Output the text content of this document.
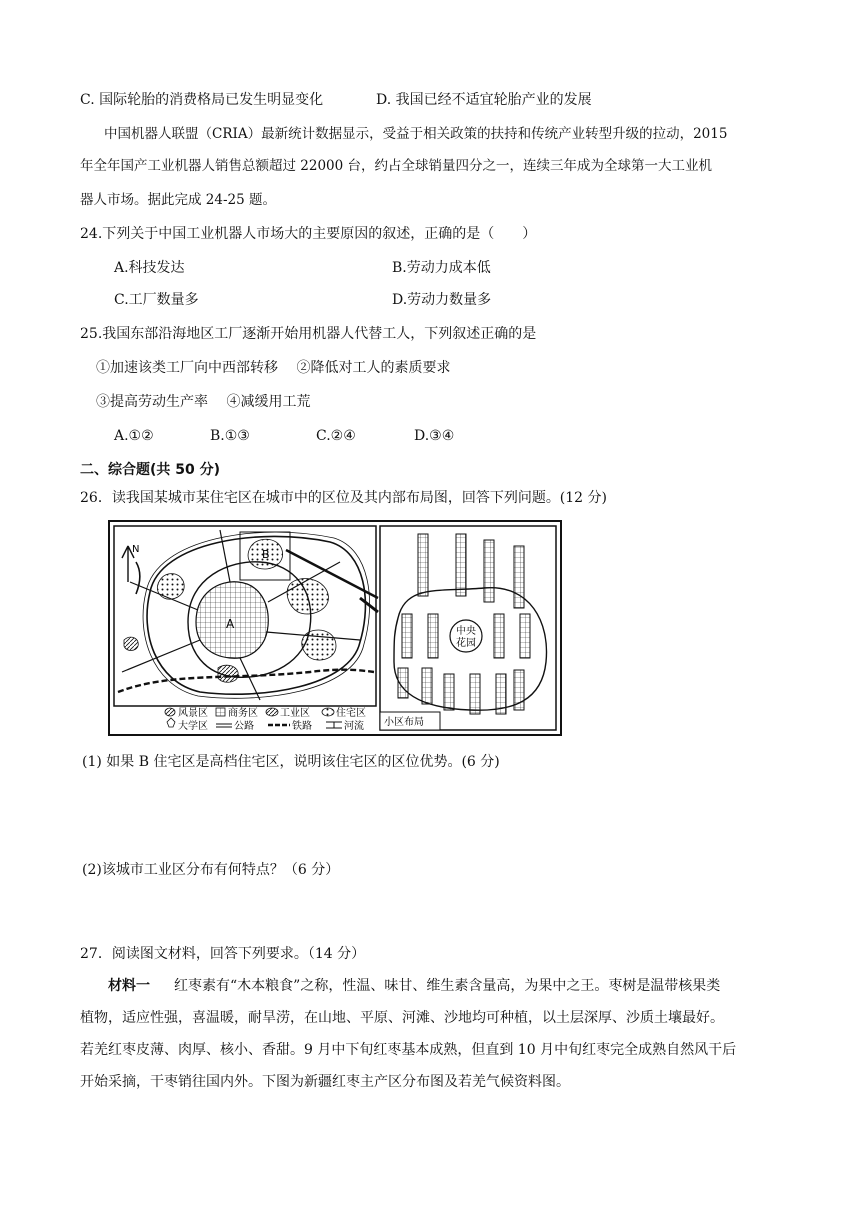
C. 国际轮胎的消费格局已发生明显变化	D. 我国已经不适宜轮胎产业的发展
中国机器人联盟（CRIA）最新统计数据显示，受益于相关政策的扶持和传统产业转型升级的拉动，2015
年全年国产工业机器人销售总额超过 22000 台，约占全球销量四分之一，连续三年成为全球第一大工业机
器人市场。据此完成 24-25 题。
24.下列关于中国工业机器人市场大的主要原因的叙述，正确的是（　　）
A.科技发达	B.劳动力成本低
C.工厂数量多	D.劳动力数量多
25.我国东部沿海地区工厂逐渐开始用机器人代替工人，下列叙述正确的是
①加速该类工厂向中西部转移　 ②降低对工人的素质要求
③提高劳动生产率　 ④减缓用工荒
A.①②	B.①③	C.②④	D.③④
二、综合题(共 50 分)
26．读我国某城市某住宅区在城市中的区位及其内部布局图，回答下列问题。(12 分)
A
B
N
风景区 商务区 工业区	住宅区
大学区	公路	铁路	河流
中央
花园
小区布局
(1) 如果 B 住宅区是高档住宅区，说明该住宅区的区位优势。(6 分)
(2)该城市工业区分布有何特点？（6 分）
27．阅读图文材料，回答下列要求。（14 分）
材料一 红枣素有“木本粮食”之称，性温、味甘、维生素含量高，为果中之王。枣树是温带核果类
植物，适应性强，喜温暖，耐旱涝，在山地、平原、河滩、沙地均可种植，以土层深厚、沙质土壤最好。
若羌红枣皮薄、肉厚、核小、香甜。9 月中下旬红枣基本成熟，但直到 10 月中旬红枣完全成熟自然风干后
开始采摘，干枣销往国内外。下图为新疆红枣主产区分布图及若羌气候资料图。
